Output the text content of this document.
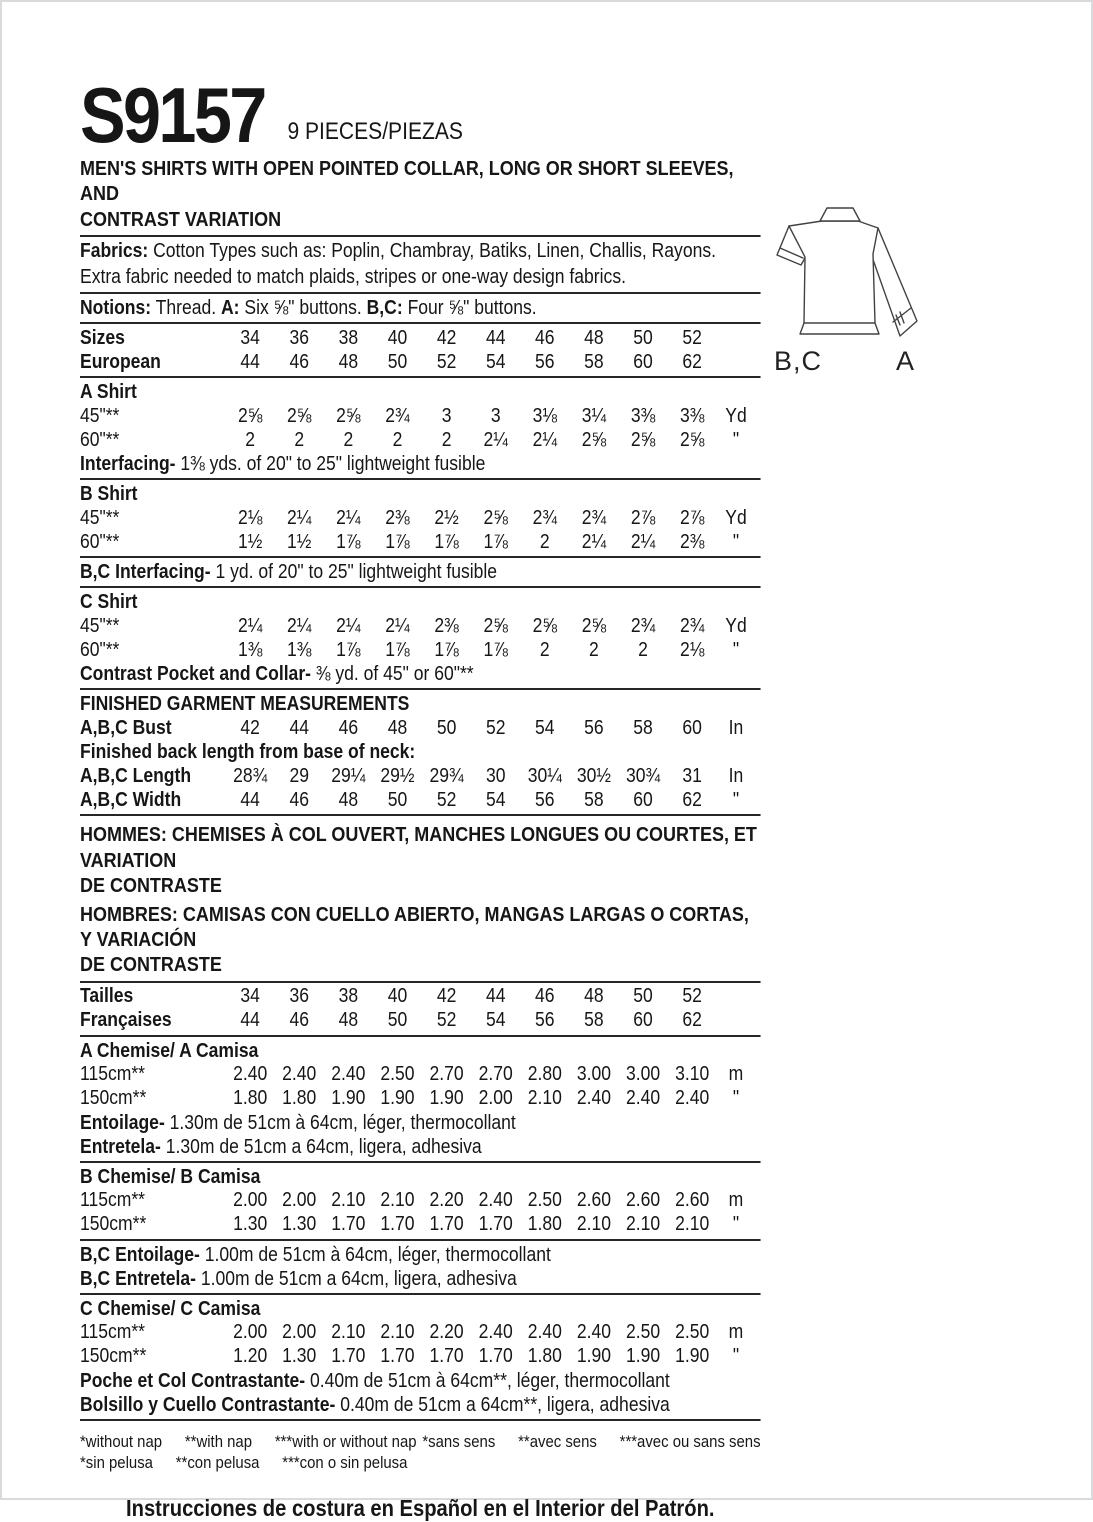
S9157 9 PIECES/PIEZAS
MEN'S SHIRTS WITH OPEN POINTED COLLAR, LONG OR SHORT SLEEVES, AND
CONTRAST VARIATION

Fabrics: Cotton Types such as: Poplin, Chambray, Batiks, Linen, Challis, Rayons. Extra fabric needed to match plaids, stripes or one-way design fabrics.

Notions: Thread. A: Six ⅝" buttons. B,C: Four ⅝" buttons.

Sizes	34	36	38	40	42	44	46	48	50	52
European	44	46	48	50	52	54	56	58	60	62
A Shirt
45"**	2⅝	2⅝	2⅝	2¾	3	3	3⅛	3¼	3⅜	3⅜	Yd
60"**	2	2	2	2	2	2¼	2¼	2⅝	2⅝	2⅝	"

Interfacing- 1⅜ yds. of 20" to 25" lightweight fusible

B Shirt
45"**	2⅛	2¼	2¼	2⅜	2½	2⅝	2¾	2¾	2⅞	2⅞	Yd
60"**	1½	1½	1⅞	1⅞	1⅞	1⅞	2	2¼	2¼	2⅜	"

B,C Interfacing- 1 yd. of 20" to 25" lightweight fusible

C Shirt
45"**	2¼	2¼	2¼	2¼	2⅜	2⅝	2⅝	2⅝	2¾	2¾	Yd
60"**	1⅜	1⅜	1⅞	1⅞	1⅞	1⅞	2	2	2	2⅛	"

Contrast Pocket and Collar- ⅜ yd. of 45" or 60"**

FINISHED GARMENT MEASUREMENTS
A,B,C Bust	42	44	46	48	50	52	54	56	58	60	In
Finished back length from base of neck:
A,B,C Length	28¾	29	29¼ 29½ 29¾	30	30¼ 30½ 30¾	31	In
A,B,C Width	44	46	48	50	52	54	56	58	60	62	"
HOMMES: CHEMISES À COL OUVERT, MANCHES LONGUES OU COURTES, ET VARIATION
DE CONTRASTE
HOMBRES: CAMISAS CON CUELLO ABIERTO, MANGAS LARGAS O CORTAS, Y VARIACIÓN
DE CONTRASTE
Tailles	34	36	38	40	42	44	46	48	50	52
Françaises	44	46	48	50	52	54	56	58	60	62
A Chemise/ A Camisa
115cm**	2.40 2.40 2.40 2.50 2.70 2.70 2.80 3.00 3.00 3.10 m
150cm**	1.80 1.80 1.90 1.90 1.90 2.00 2.10 2.40 2.40 2.40	"

Entoilage- 1.30m de 51cm à 64cm, léger, thermocollant

Entretela- 1.30m de 51cm a 64cm, ligera, adhesiva

B Chemise/ B Camisa
115cm**	2.00 2.00 2.10 2.10 2.20 2.40 2.50 2.60 2.60 2.60 m
150cm**	1.30 1.30 1.70 1.70 1.70 1.70 1.80 2.10 2.10 2.10	"

B,C Entoilage- 1.00m de 51cm à 64cm, léger, thermocollant

B,C Entretela- 1.00m de 51cm a 64cm, ligera, adhesiva

C Chemise/ C Camisa
115cm**	2.00 2.00 2.10 2.10 2.20 2.40 2.40 2.40 2.50 2.50 m
150cm**	1.20 1.30 1.70 1.70 1.70 1.70 1.80 1.90 1.90 1.90	"

Poche et Col Contrastante- 0.40m de 51cm à 64cm**, léger, thermocollant

Bolsillo y Cuello Contrastante- 0.40m de 51cm a 64cm**, ligera, adhesiva

*without nap **with nap ***with or without nap *sans sens **avec sens ***avec ou sans sens
*sin pelusa **con pelusa ***con o sin pelusa
Instrucciones de costura en Español en el Interior del Patrón.
B,C	A
